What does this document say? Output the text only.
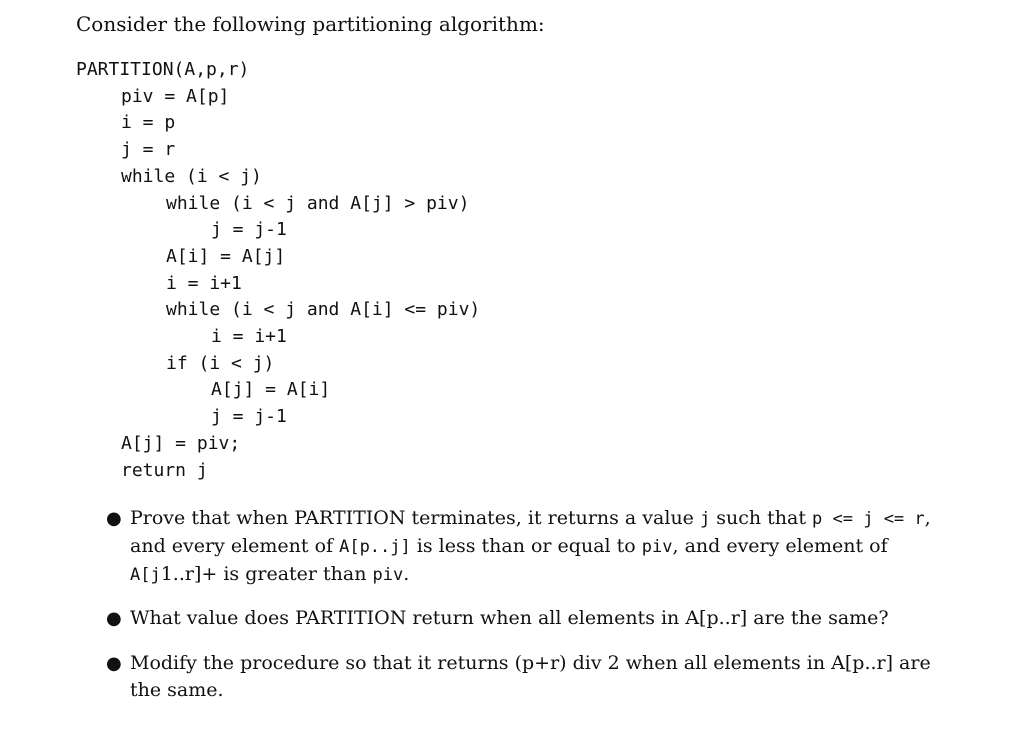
Consider the following partitioning algorithm:
PARTITION(A,p,r)
piv = A[p]
i = p
j = r
while (i < j)
while (i < j and A[j] > piv)
j = j-1
A[i] = A[j]
i = i+1
while (i < j and A[i] <= piv)
i = i+1
if (i < j)
A[j] = A[i]
j = j-1
A[j] = piv;
return j
● Prove that when PARTITION terminates, it returns a value j such that p <= j <= r, and every element of A[p..j] is less than or equal to piv, and every element of A[j1..r]+ is greater than piv.
● What value does PARTITION return when all elements in A[p..r] are the same?
● Modify the procedure so that it returns (p+r) div 2 when all elements in A[p..r] are the same.
